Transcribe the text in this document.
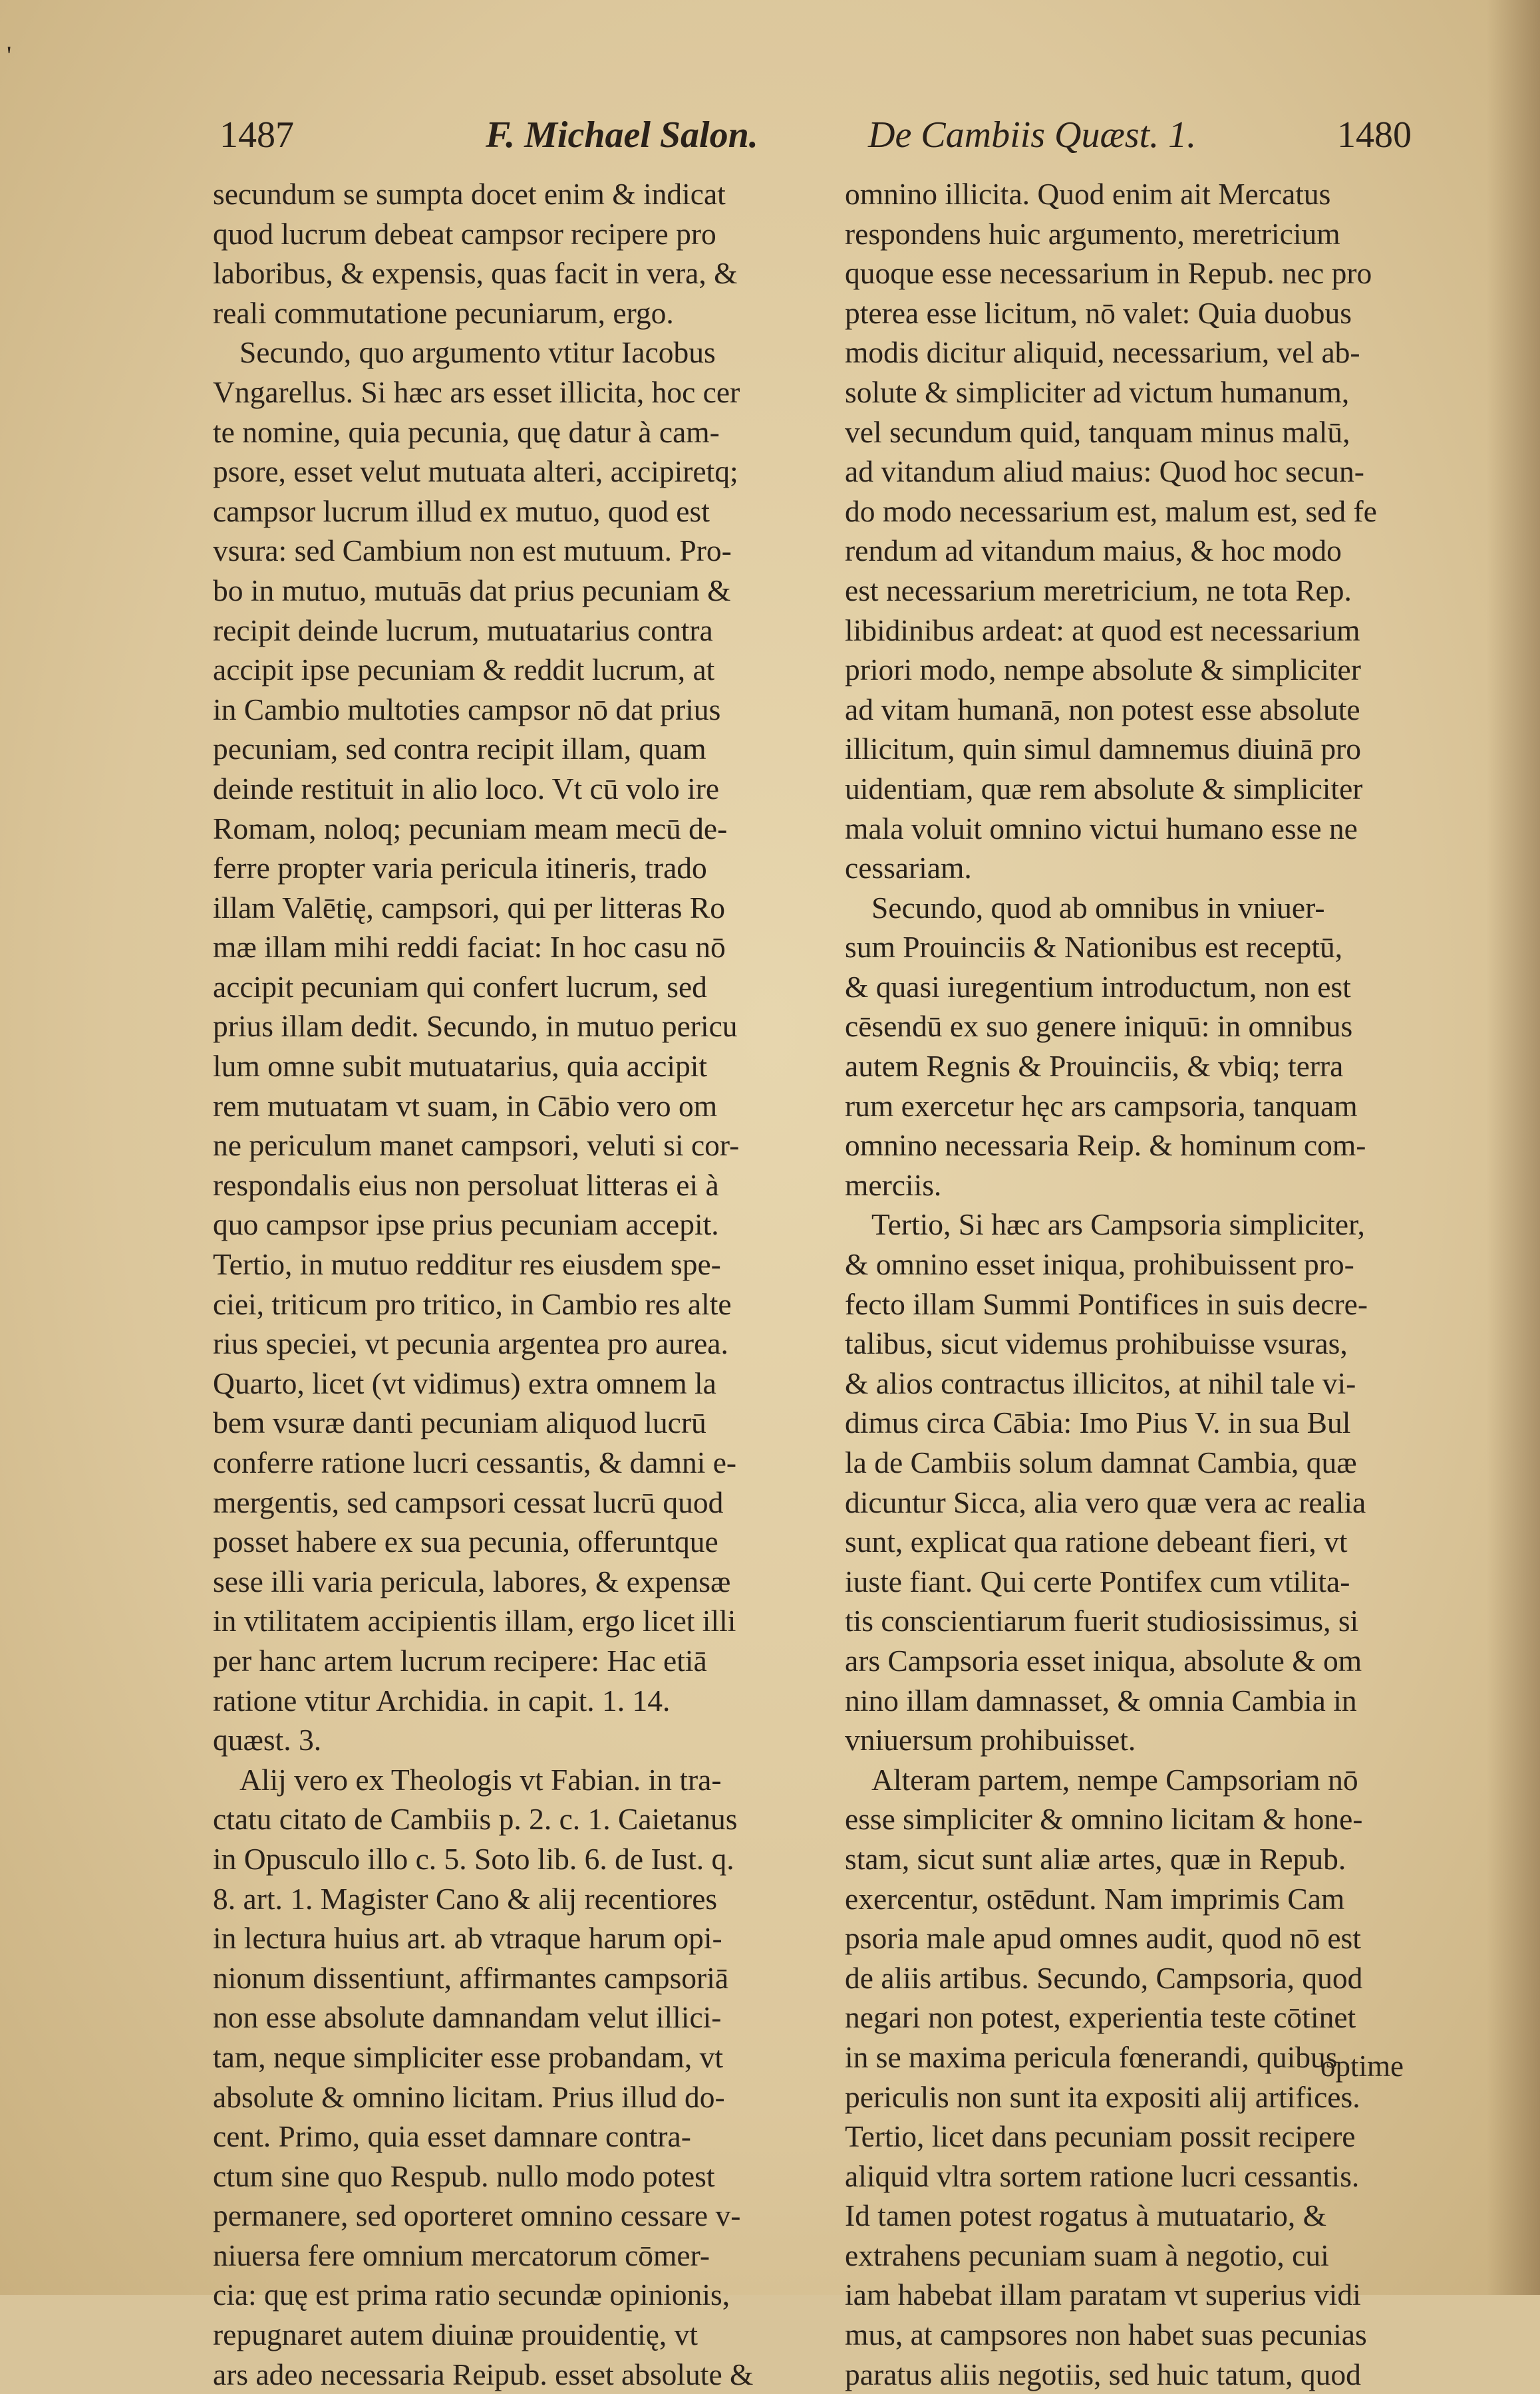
1487	F. Michael Salon.	De Cambiis Quæst. 1.	1480
secundum se sumpta docet enim & indicat
quod lucrum debeat campsor recipere pro
laboribus, & expensis, quas facit in vera, &
reali commutatione pecuniarum, ergo.
Secundo, quo argumento vtitur Iacobus
Vngarellus. Si hæc ars esset illicita, hoc cer
te nomine, quia pecunia, quę datur à cam-
psore, esset velut mutuata alteri, accipiretq;
campsor lucrum illud ex mutuo, quod est
vsura: sed Cambium non est mutuum. Pro-
bo in mutuo, mutuās dat prius pecuniam &
recipit deinde lucrum, mutuatarius contra
accipit ipse pecuniam & reddit lucrum, at
in Cambio multoties campsor nō dat prius
pecuniam, sed contra recipit illam, quam
deinde restituit in alio loco. Vt cū volo ire
Romam, noloq; pecuniam meam mecū de-
ferre propter varia pericula itineris, trado
illam Valētię, campsori, qui per litteras Ro
mæ illam mihi reddi faciat: In hoc casu nō
accipit pecuniam qui confert lucrum, sed
prius illam dedit. Secundo, in mutuo pericu
lum omne subit mutuatarius, quia accipit
rem mutuatam vt suam, in Cābio vero om
ne periculum manet campsori, veluti si cor-
respondalis eius non persoluat litteras ei à
quo campsor ipse prius pecuniam accepit.
Tertio, in mutuo redditur res eiusdem spe-
ciei, triticum pro tritico, in Cambio res alte
rius speciei, vt pecunia argentea pro aurea.
Quarto, licet (vt vidimus) extra omnem la
bem vsuræ danti pecuniam aliquod lucrū
conferre ratione lucri cessantis, & damni e-
mergentis, sed campsori cessat lucrū quod
posset habere ex sua pecunia, offeruntque
sese illi varia pericula, labores, & expensæ
in vtilitatem accipientis illam, ergo licet illi
per hanc artem lucrum recipere: Hac etiā
ratione vtitur Archidia. in capit. 1. 14.
quæst. 3.
Alij vero ex Theologis vt Fabian. in tra-
ctatu citato de Cambiis p. 2. c. 1. Caietanus
in Opusculo illo c. 5. Soto lib. 6. de Iust. q.
8. art. 1. Magister Cano & alij recentiores
in lectura huius art. ab vtraque harum opi-
nionum dissentiunt, affirmantes campsoriā
non esse absolute damnandam velut illici-
tam, neque simpliciter esse probandam, vt
absolute & omnino licitam. Prius illud do-
cent. Primo, quia esset damnare contra-
ctum sine quo Respub. nullo modo potest
permanere, sed oporteret omnino cessare v-
niuersa fere omnium mercatorum cōmer-
cia: quę est prima ratio secundæ opinionis,
repugnaret autem diuinæ prouidentię, vt
ars adeo necessaria Reipub. esset absolute &
omnino illicita. Quod enim ait Mercatus
respondens huic argumento, meretricium
quoque esse necessarium in Repub. nec pro
pterea esse licitum, nō valet: Quia duobus
modis dicitur aliquid, necessarium, vel ab-
solute & simpliciter ad victum humanum,
vel secundum quid, tanquam minus malū,
ad vitandum aliud maius: Quod hoc secun-
do modo necessarium est, malum est, sed fe
rendum ad vitandum maius, & hoc modo
est necessarium meretricium, ne tota Rep.
libidinibus ardeat: at quod est necessarium
priori modo, nempe absolute & simpliciter
ad vitam humanā, non potest esse absolute
illicitum, quin simul damnemus diuinā pro
uidentiam, quæ rem absolute & simpliciter
mala voluit omnino victui humano esse ne
cessariam.
Secundo, quod ab omnibus in vniuer-
sum Prouinciis & Nationibus est receptū,
& quasi iuregentium introductum, non est
cēsendū ex suo genere iniquū: in omnibus
autem Regnis & Prouinciis, & vbiq; terra
rum exercetur hęc ars campsoria, tanquam
omnino necessaria Reip. & hominum com-
merciis.
Tertio, Si hæc ars Campsoria simpliciter,
& omnino esset iniqua, prohibuissent pro-
fecto illam Summi Pontifices in suis decre-
talibus, sicut videmus prohibuisse vsuras,
& alios contractus illicitos, at nihil tale vi-
dimus circa Cābia: Imo Pius V. in sua Bul
la de Cambiis solum damnat Cambia, quæ
dicuntur Sicca, alia vero quæ vera ac realia
sunt, explicat qua ratione debeant fieri, vt
iuste fiant. Qui certe Pontifex cum vtilita-
tis conscientiarum fuerit studiosissimus, si
ars Campsoria esset iniqua, absolute & om
nino illam damnasset, & omnia Cambia in
vniuersum prohibuisset.
Alteram partem, nempe Campsoriam nō
esse simpliciter & omnino licitam & hone-
stam, sicut sunt aliæ artes, quæ in Repub.
exercentur, ostēdunt. Nam imprimis Cam
psoria male apud omnes audit, quod nō est
de aliis artibus. Secundo, Campsoria, quod
negari non potest, experientia teste cōtinet
in se maxima pericula fœnerandi, quibus
periculis non sunt ita expositi alij artifices.
Tertio, licet dans pecuniam possit recipere
aliquid vltra sortem ratione lucri cessantis.
Id tamen potest rogatus à mutuatario, &
extrahens pecuniam suam à negotio, cui
iam habebat illam paratam vt superius vidi
mus, at campsores non habet suas pecunias
paratus aliis negotiis, sed huic tatum, quod
optime
'
